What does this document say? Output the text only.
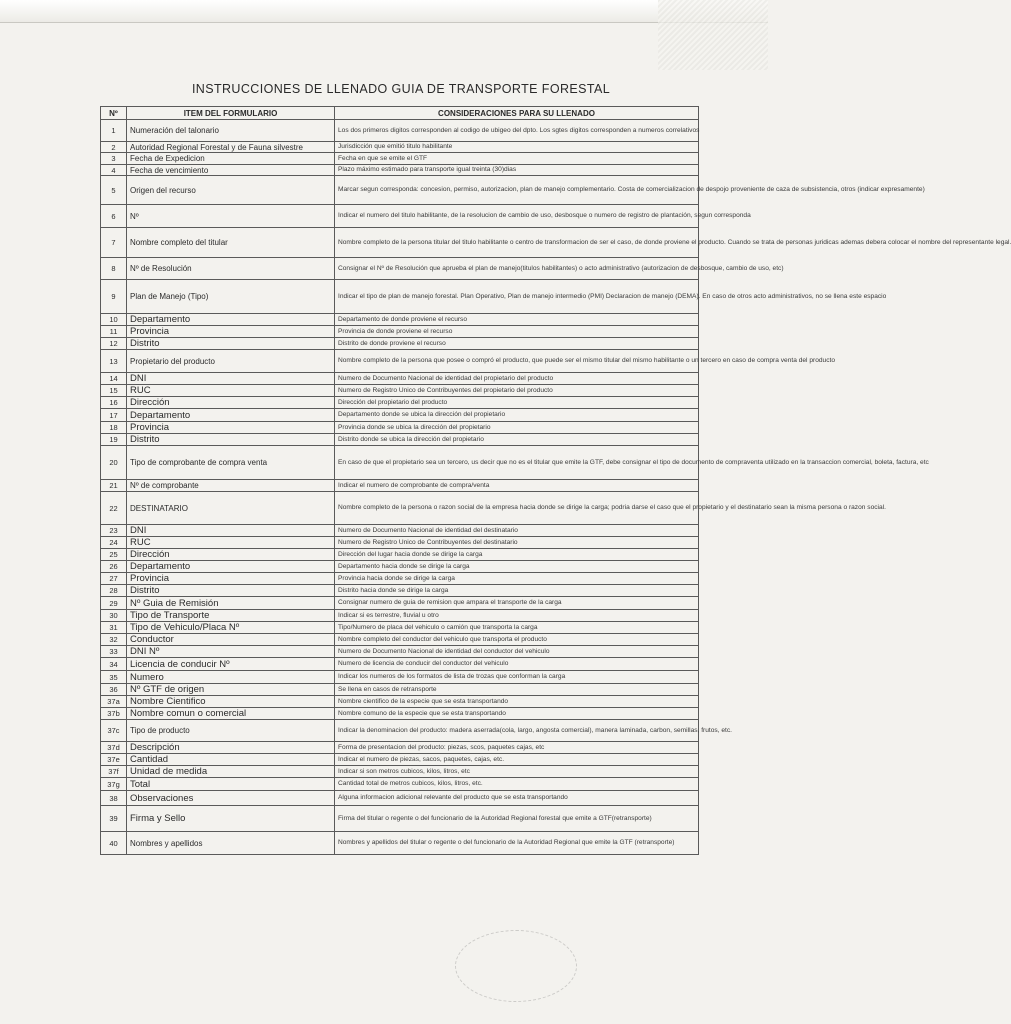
INSTRUCCIONES DE LLENADO GUIA DE TRANSPORTE FORESTAL
Nº	ITEM DEL FORMULARIO	CONSIDERACIONES PARA SU LLENADO
1	Numeración del talonario	Los dos primeros digitos corresponden al codigo de ubigeo del dpto. Los sgtes digitos corresponden a numeros correlativos
2	Autoridad Regional Forestal y de Fauna silvestre	Jurisdicción que emitió titulo habilitante
3	Fecha de Expedicion	Fecha en que se emite el GTF
4	Fecha de vencimiento	Plazo máximo estimado para transporte igual treinta (30)dias
5	Origen del recurso	Marcar segun corresponda: concesion, permiso, autorizacion, plan de manejo complementario. Costa de comercializacion de despojo proveniente de caza de subsistencia, otros (indicar expresamente)
6	Nº	Indicar el numero del titulo habilitante, de la resolucion de cambio de uso, desbosque o numero de registro de plantación, segun corresponda
7	Nombre completo del titular	Nombre completo de la persona titular del titulo habilitante o centro de transformacion de ser el caso, de donde proviene el producto. Cuando se trata de personas juridicas ademas debera colocar el nombre del representante legal.
8	Nº de Resolución	Consignar el Nº de Resolución que aprueba el plan de manejo(titulos habilitantes) o acto administrativo (autorizacion de desbosque, cambio de uso, etc)
9	Plan de Manejo (Tipo)	Indicar el tipo de plan de manejo forestal. Plan Operativo, Plan de manejo intermedio (PMI) Declaracion de manejo (DEMA). En caso de otros acto administrativos, no se llena este espacio
10	Departamento	Departamento de donde proviene el recurso
11	Provincia	Provincia de donde proviene el recurso
12	Distrito	Distrito de donde proviene el recurso
13	Propietario del producto	Nombre completo de la persona que posee o compró el producto, que puede ser el mismo titular del mismo habilitante o un tercero en caso de compra venta del producto
14	DNI	Numero de Documento Nacional de identidad del propietario del producto
15	RUC	Numero de Registro Unico de Contribuyentes del propietario del producto
16	Dirección	Dirección del propietario del producto
17	Departamento	Departamento donde se ubica la dirección del propietario
18	Provincia	Provincia donde se ubica la dirección del propietario
19	Distrito	Distrito donde se ubica la dirección del propietario
20	Tipo de comprobante de compra venta	En caso de que el propietario sea un tercero, us decir que no es el titular que emite la GTF, debe consignar el tipo de documento de compraventa utilizado en la transaccion comercial, boleta, factura, etc
21	Nº de comprobante	Indicar el numero de comprobante de compra/venta
22	DESTINATARIO	Nombre completo de la persona o razon social de la empresa hacia donde se dirige la carga; podria darse el caso que el propietario y el destinatario sean la misma persona o razon social.
23	DNI	Numero de Documento Nacional de identidad del destinatario
24	RUC	Numero de Registro Unico de Contribuyentes del destinatario
25	Dirección	Dirección del lugar hacia donde se dirige la carga
26	Departamento	Departamento hacia donde se dirige la carga
27	Provincia	Provincia hacia donde se dirige la carga
28	Distrito	Distrito hacia donde se dirige la carga
29	Nº Guia de Remisión	Consignar numero de guia de remision que ampara el transporte de la carga
30	Tipo de Transporte	Indicar si es terrestre, fluvial u otro
31	Tipo de Vehiculo/Placa Nº	Tipo/Numero de placa del vehiculo o camión que transporta la carga
32	Conductor	Nombre completo del conductor del vehiculo que transporta el producto
33	DNI Nº	Numero de Documento Nacional de identidad del conductor del vehiculo
34	Licencia de conducir Nº	Numero de licencia de conducir del conductor del vehiculo
35	Numero	Indicar los numeros de los formatos de lista de trozas que conforman la carga
36	Nº GTF de origen	Se llena en casos de retransporte
37a	Nombre Cientifico	Nombre cientifico de la especie que se esta transportando
37b	Nombre comun o comercial	Nombre comuno de la especie que se esta transportando
37c	Tipo de producto	Indicar la denominacion del producto: madera aserrada(cola, largo, angosta comercial), manera laminada, carbon, semillas, frutos, etc.
37d	Descripción	Forma de presentacion del producto: piezas, scos, paquetes cajas, etc
37e	Cantidad	Indicar el numero de piezas, sacos, paquetes, cajas, etc.
37f	Unidad de medida	Indicar si son metros cubicos, kilos, litros, etc
37g	Total	Cantidad total de metros cubicos, kilos, litros, etc.
38	Observaciones	Alguna informacion adicional relevante del producto que se esta transportando
39	Firma y Sello	Firma del titular o regente o del funcionario de la Autoridad Regional forestal que emite a GTF(retransporte)
40	Nombres y apellidos	Nombres y apellidos del titular o regente o del funcionario de la Autoridad Regional que emite la GTF (retransporte)
